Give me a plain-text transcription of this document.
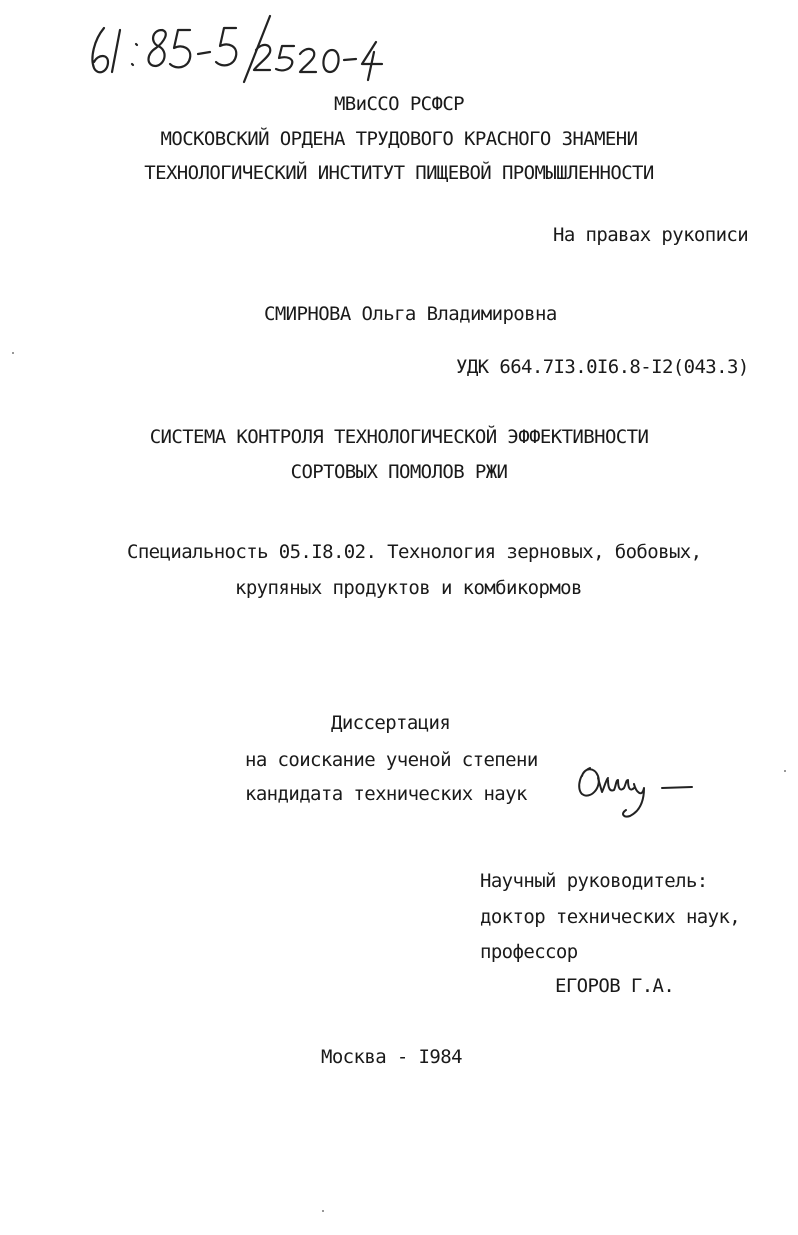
МВиССО РСФСР
МОСКОВСКИЙ ОРДЕНА ТРУДОВОГО КРАСНОГО ЗНАМЕНИ
ТЕХНОЛОГИЧЕСКИЙ ИНСТИТУТ ПИЩЕВОЙ ПРОМЫШЛЕННОСТИ
На правах рукописи
СМИРНОВА Ольга Владимировна
УДК 664.7I3.0I6.8-I2(043.3)
СИСТЕМА КОНТРОЛЯ ТЕХНОЛОГИЧЕСКОЙ ЭФФЕКТИВНОСТИ
СОРТОВЫХ ПОМОЛОВ РЖИ
Специальность 05.I8.02. Технология зерновых, бобовых,
крупяных продуктов и комбикормов
Диссертация
на соискание ученой степени
кандидата технических наук
Научный руководитель:
доктор технических наук,
профессор
ЕГОРОВ Г.А.
Москва - I984
